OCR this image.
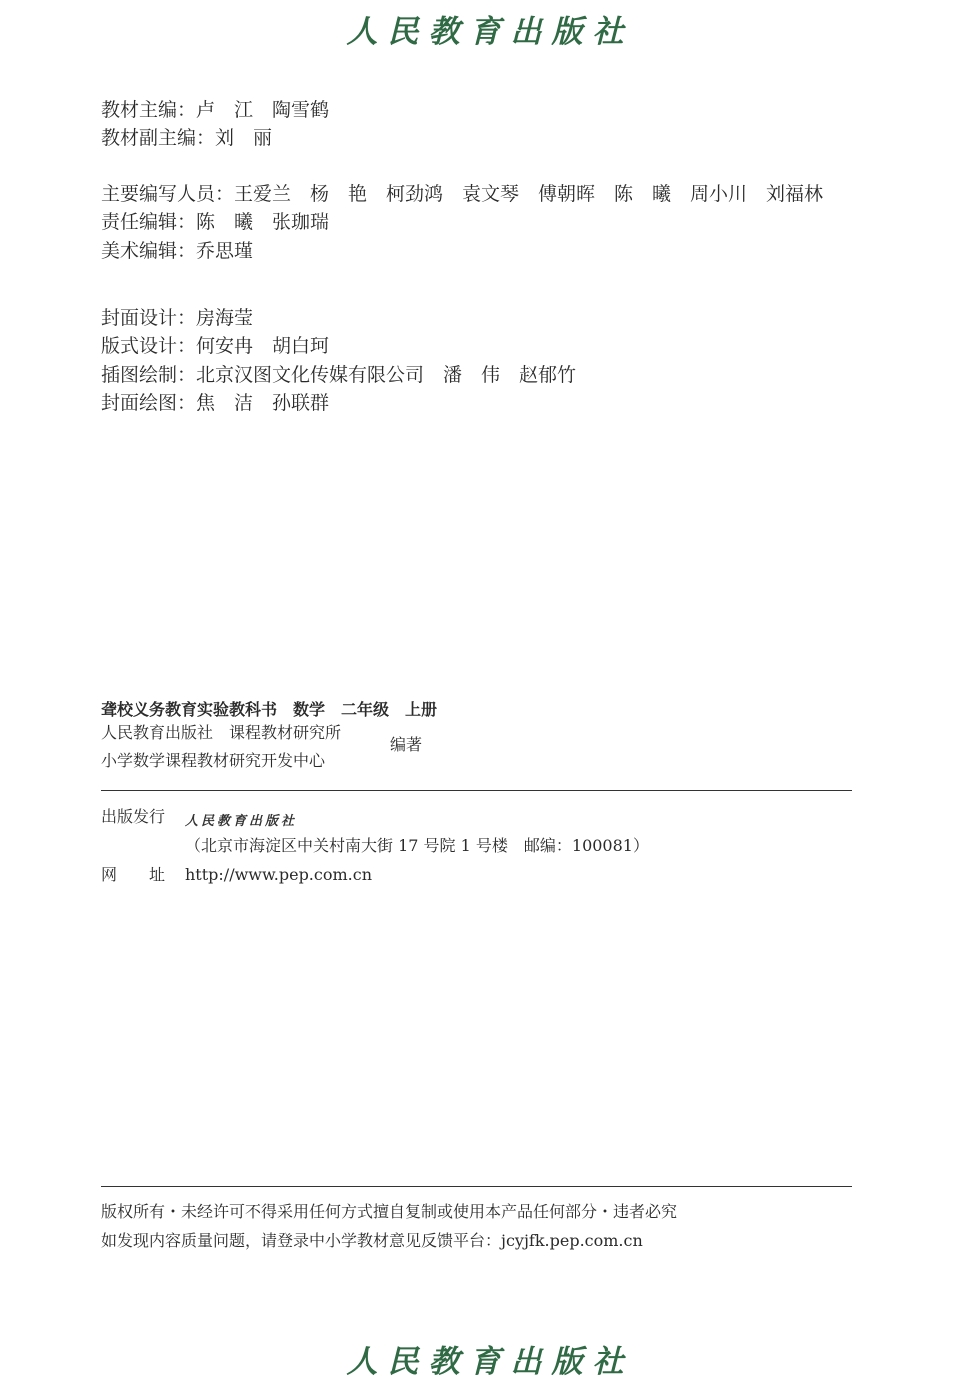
人民教育出版社
教材主编：卢　江　陶雪鹤
教材副主编：刘　丽
主要编写人员：王爱兰　杨　艳　柯劲鸿　袁文琴　傅朝晖　陈　曦　周小川　刘福林
责任编辑：陈　曦　张珈瑞
美术编辑：乔思瑾
封面设计：房海莹
版式设计：何安冉　胡白珂
插图绘制：北京汉图文化传媒有限公司　潘　伟　赵郁竹
封面绘图：焦　洁　孙联群
聋校义务教育实验教科书　数学　二年级　上册
人民教育出版社　课程教材研究所
小学数学课程教材研究开发中心
编著
出版发行 人民教育出版社
（北京市海淀区中关村南大街 17 号院 1 号楼　邮编：100081）
网　　址 http://www.pep.com.cn
版权所有・未经许可不得采用任何方式擅自复制或使用本产品任何部分・违者必究
如发现内容质量问题，请登录中小学教材意见反馈平台：jcyjfk.pep.com.cn
人民教育出版社
